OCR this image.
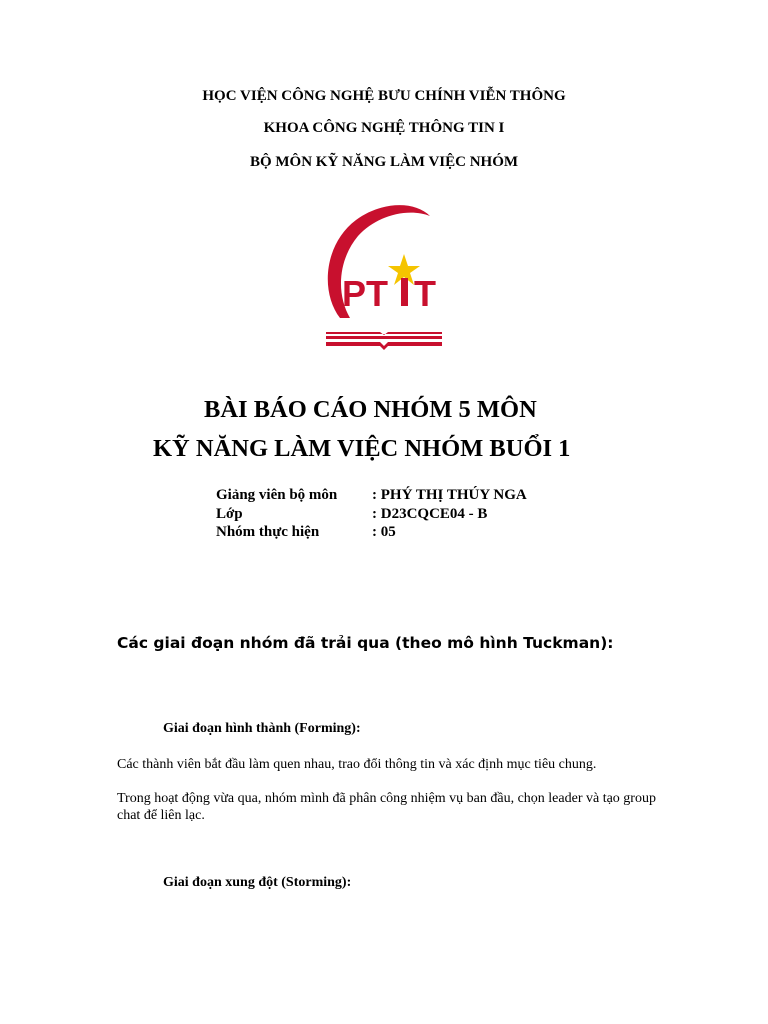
HỌC VIỆN CÔNG NGHỆ BƯU CHÍNH VIỄN THÔNG
KHOA CÔNG NGHỆ THÔNG TIN I
BỘ MÔN KỸ NĂNG LÀM VIỆC NHÓM
PT T
BÀI BÁO CÁO NHÓM 5 MÔN
KỸ NĂNG LÀM VIỆC NHÓM BUỔI 1
Giảng viên bộ môn : PHÝ THỊ THÚY NGA
Lớp	: D23CQCE04 - B
Nhóm thực hiện	: 05
Các giai đoạn nhóm đã trải qua (theo mô hình Tuckman):
Giai đoạn hình thành (Forming):
Các thành viên bắt đầu làm quen nhau, trao đổi thông tin và xác định mục tiêu chung.
Trong hoạt động vừa qua, nhóm mình đã phân công nhiệm vụ ban đầu, chọn leader và tạo group chat để liên lạc.
Giai đoạn xung đột (Storming):
